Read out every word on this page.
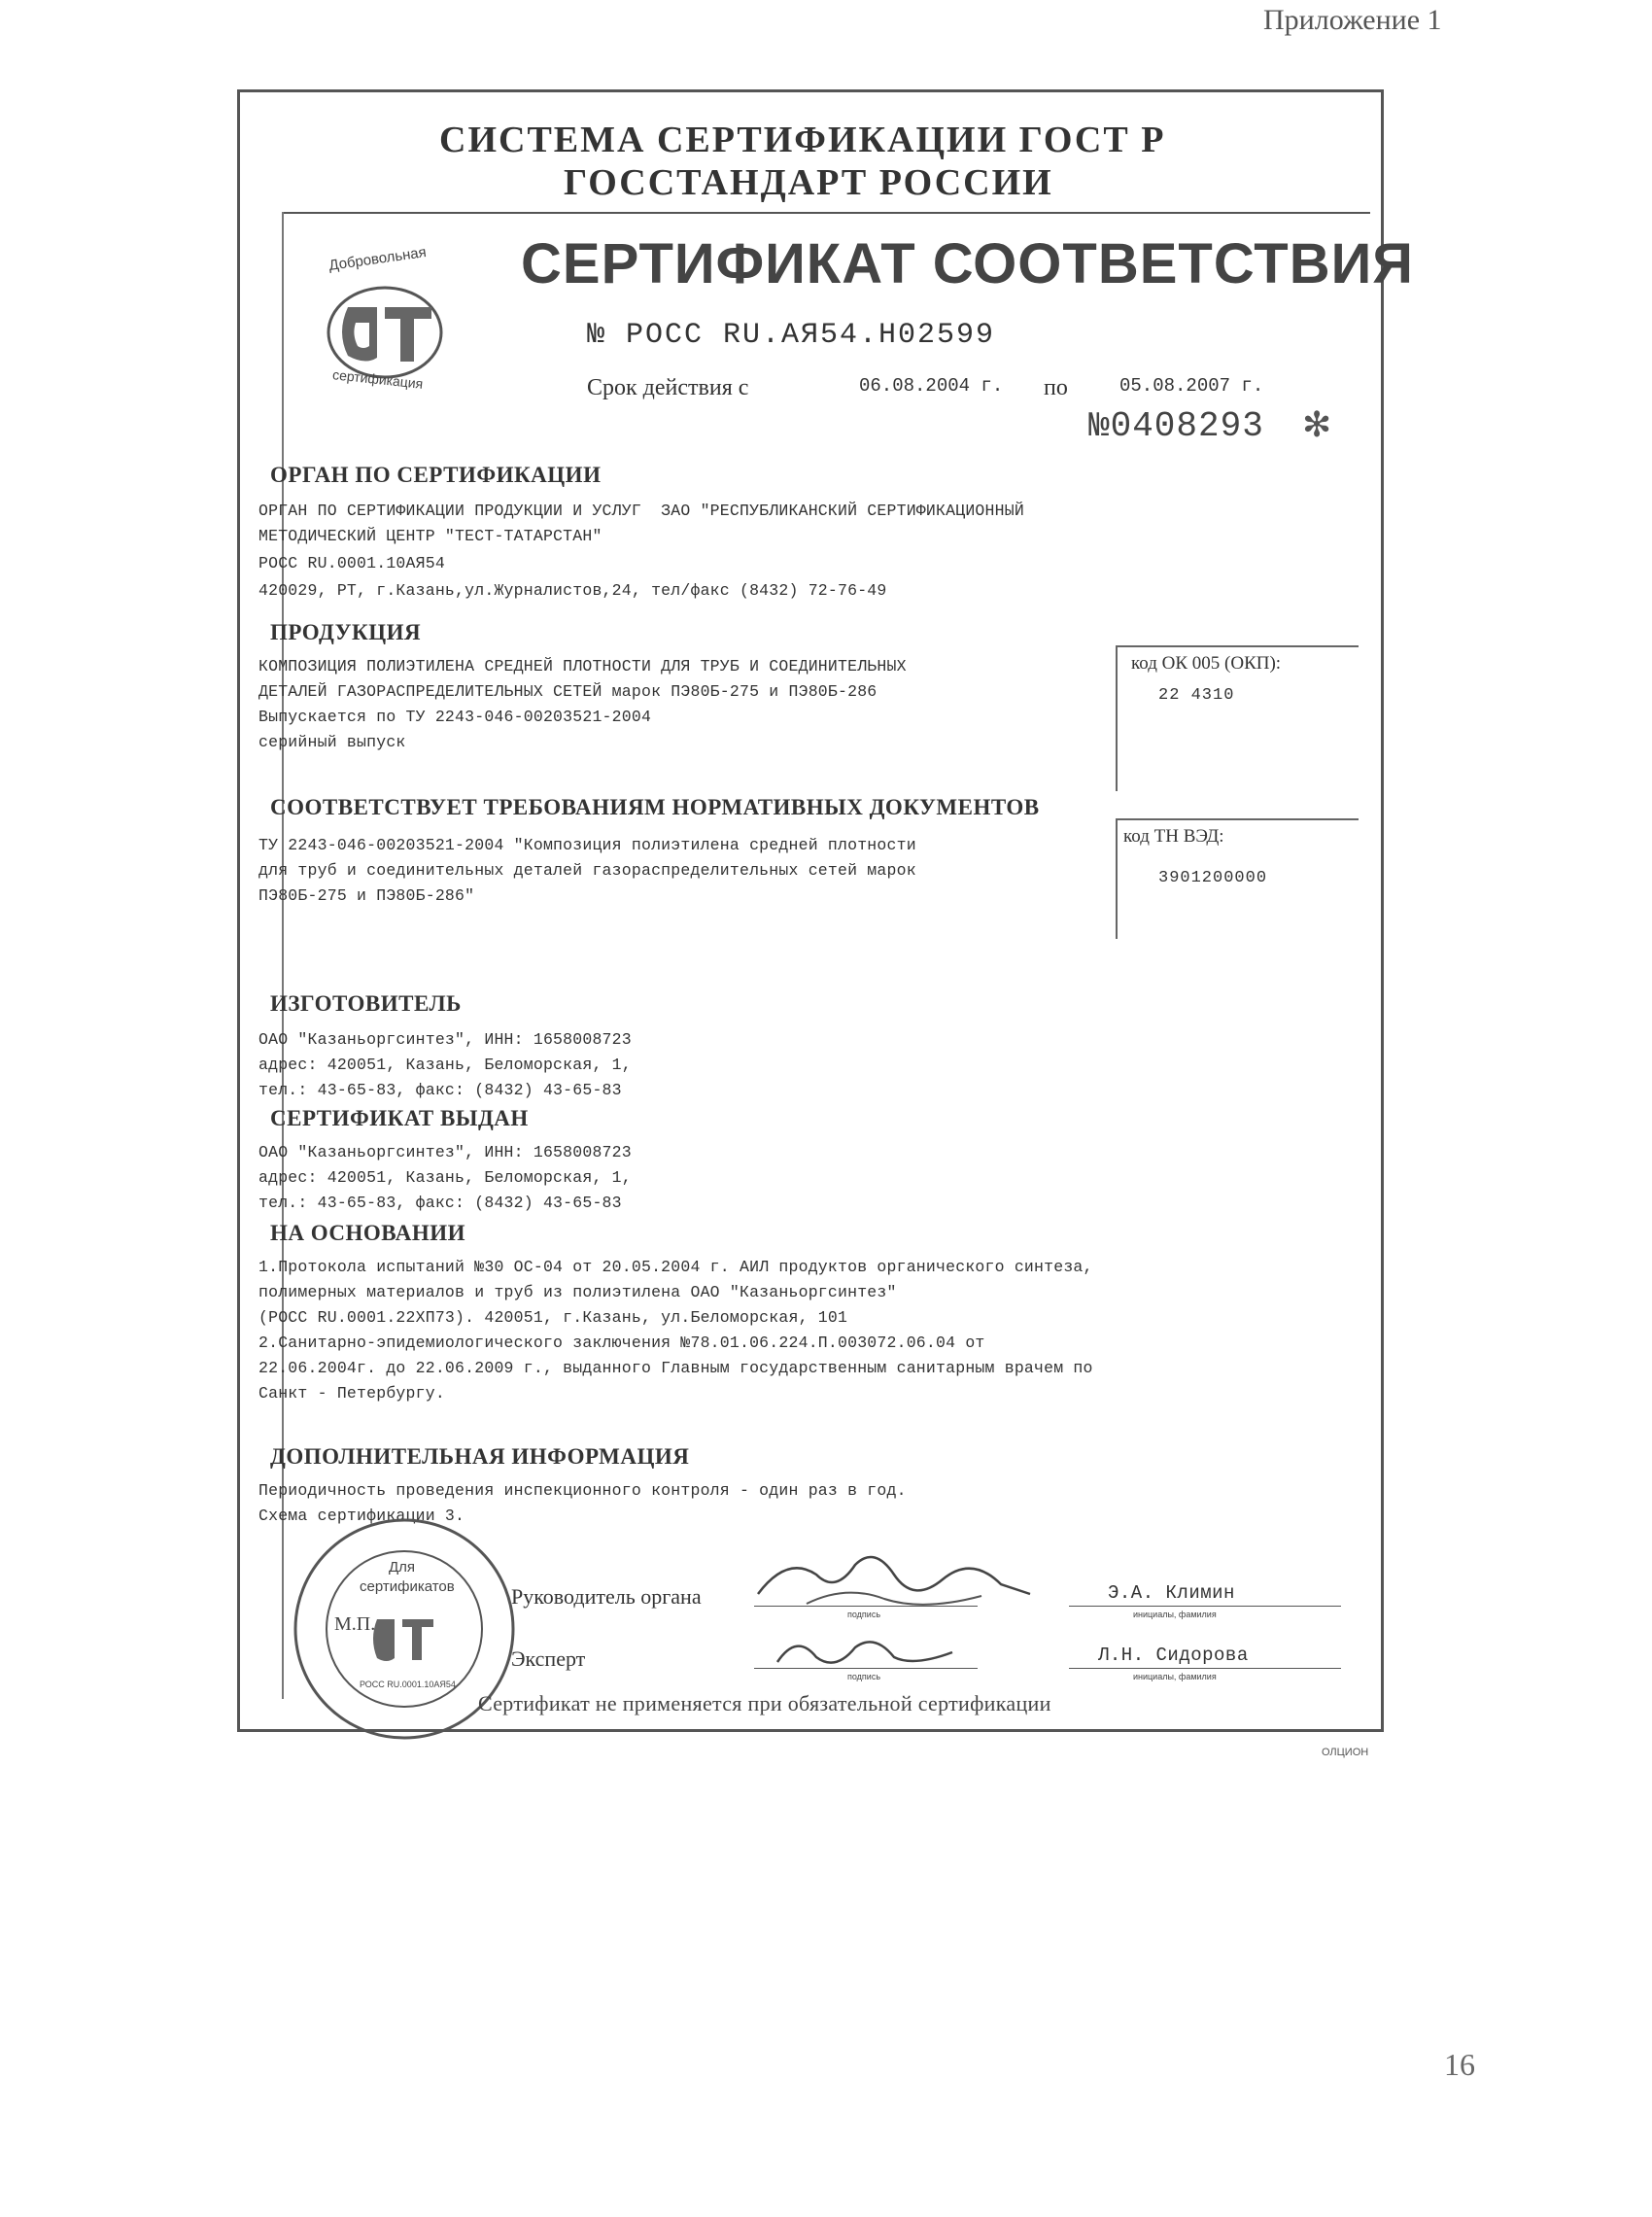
Приложение 1
16
СИСТЕМА СЕРТИФИКАЦИИ ГОСТ Р
ГОССТАНДАРТ РОССИИ
Добровольная
сертификация
СЕРТИФИКАТ СООТВЕТСТВИЯ
№ РОСС RU.АЯ54.Н02599
Срок действия с	06.08.2004 г. по	05.08.2007 г.
№0408293 ✻
ОРГАН ПО СЕРТИФИКАЦИИ
ОРГАН ПО СЕРТИФИКАЦИИ ПРОДУКЦИИ И УСЛУГ  ЗАО "РЕСПУБЛИКАНСКИЙ СЕРТИФИКАЦИОННЫЙ
МЕТОДИЧЕСКИЙ ЦЕНТР "ТЕСТ-ТАТАРСТАН"
РОСС RU.0001.10АЯ54
420029, РТ, г.Казань,ул.Журналистов,24, тел/факс (8432) 72-76-49
ПРОДУКЦИЯ
КОМПОЗИЦИЯ ПОЛИЭТИЛЕНА СРЕДНЕЙ ПЛОТНОСТИ ДЛЯ ТРУБ И СОЕДИНИТЕЛЬНЫХ
ДЕТАЛЕЙ ГАЗОРАСПРЕДЕЛИТЕЛЬНЫХ СЕТЕЙ марок ПЭ80Б-275 и ПЭ80Б-286
Выпускается по ТУ 2243-046-00203521-2004
серийный выпуск
код ОК 005 (ОКП):
22 4310
СООТВЕТСТВУЕТ ТРЕБОВАНИЯМ НОРМАТИВНЫХ ДОКУМЕНТОВ
ТУ 2243-046-00203521-2004 "Композиция полиэтилена средней плотности
для труб и соединительных деталей газораспределительных сетей марок
ПЭ80Б-275 и ПЭ80Б-286"
код ТН ВЭД:
3901200000
ИЗГОТОВИТЕЛЬ
ОАО "Казаньоргсинтез", ИНН: 1658008723
адрес: 420051, Казань, Беломорская, 1,
тел.: 43-65-83, факс: (8432) 43-65-83
СЕРТИФИКАТ ВЫДАН
ОАО "Казаньоргсинтез", ИНН: 1658008723
адрес: 420051, Казань, Беломорская, 1,
тел.: 43-65-83, факс: (8432) 43-65-83
НА ОСНОВАНИИ
1.Протокола испытаний №30 ОС-04 от 20.05.2004 г. АИЛ продуктов органического синтеза,
полимерных материалов и труб из полиэтилена ОАО "Казаньоргсинтез"
(РОСС RU.0001.22ХП73). 420051, г.Казань, ул.Беломорская, 101
2.Санитарно-эпидемиологического заключения №78.01.06.224.П.003072.06.04 от
22.06.2004г. до 22.06.2009 г., выданного Главным государственным санитарным врачем по
Санкт - Петербургу.
ДОПОЛНИТЕЛЬНАЯ ИНФОРМАЦИЯ
Периодичность проведения инспекционного контроля - один раз в год.
Схема сертификации 3.
Руководитель органа
подпись
Э.А. Климин
инициалы, фамилия
Эксперт
подпись
Л.Н. Сидорова
инициалы, фамилия
Для
сертификатов
РОСС RU.0001.10АЯ54
М.П.
Сертификат не применяется при обязательной сертификации
ОЛЦИОН
